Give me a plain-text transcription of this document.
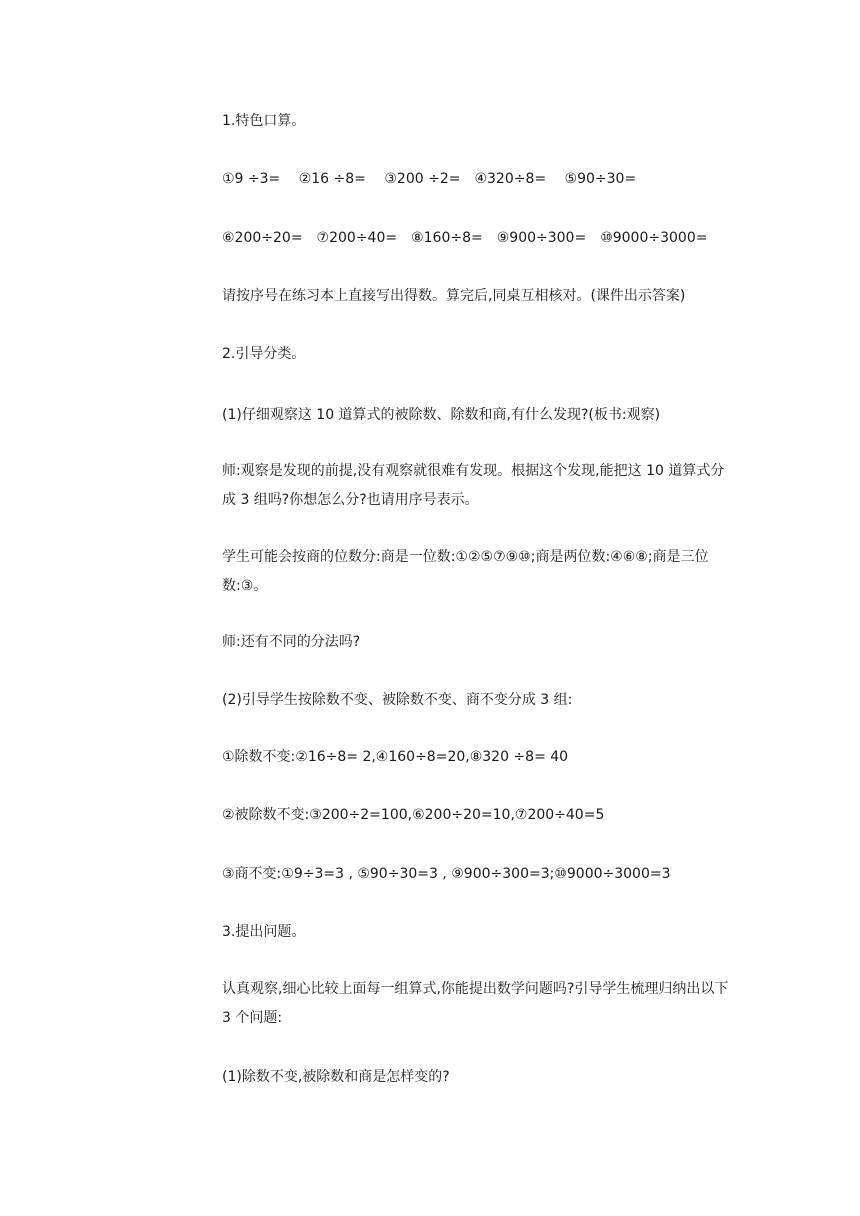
1.特色口算。
①9 ÷3=　 ②16 ÷8=　 ③200 ÷2=　④320÷8=　 ⑤90÷30=
⑥200÷20=　⑦200÷40=　⑧160÷8=　⑨900÷300=　⑩9000÷3000=
请按序号在练习本上直接写出得数。算完后,同桌互相核对。(课件出示答案)
2.引导分类。
(1)仔细观察这 10 道算式的被除数、除数和商,有什么发现?(板书:观察)
师:观察是发现的前提,没有观察就很难有发现。根据这个发现,能把这 10 道算式分成 3 组吗?你想怎么分?也请用序号表示。
学生可能会按商的位数分:商是一位数:①②⑤⑦⑨⑩;商是两位数:④⑥⑧;商是三位数:③。
师:还有不同的分法吗?
(2)引导学生按除数不变、被除数不变、商不变分成 3 组:
①除数不变:②16÷8= 2,④160÷8=20,⑧320 ÷8= 40
②被除数不变:③200÷2=100,⑥200÷20=10,⑦200÷40=5
③商不变:①9÷3=3 , ⑤90÷30=3 , ⑨900÷300=3;⑩9000÷3000=3
3.提出问题。
认真观察,细心比较上面每一组算式,你能提出数学问题吗?引导学生梳理归纳出以下 3 个问题:
(1)除数不变,被除数和商是怎样变的?
